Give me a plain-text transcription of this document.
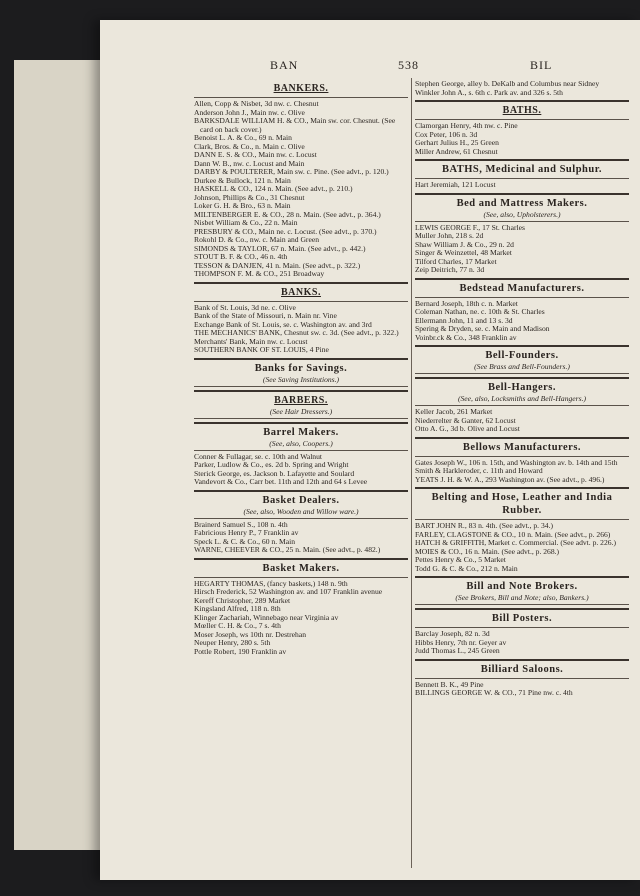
BAN	538	BIL
BANKERS.
Allen, Copp & Nisbet, 3d nw. c. Chesnut
Anderson John J., Main nw. c. Olive
BARKSDALE WILLIAM H. & CO., Main sw. cor. Chesnut. (See card on back cover.)
Benoist L. A. & Co., 69 n. Main
Clark, Bros. & Co., n. Main c. Olive
DANN E. S. & CO., Main nw. c. Locust
Dann W. B., nw. c. Locust and Main
DARBY & POULTERER, Main sw. c. Pine. (See advt., p. 120.)
Durkee & Bullock, 121 n. Main
HASKELL & CO., 124 n. Main. (See advt., p. 210.)
Johnson, Phillips & Co., 31 Chesnut
Loker G. H. & Bro., 63 n. Main
MILTENBERGER E. & CO., 28 n. Main. (See advt., p. 364.)
Nisbet William & Co., 22 n. Main
PRESBURY & CO., Main ne. c. Locust. (See advt., p. 370.)
Rokohl D. & Co., nw. c. Main and Green
SIMONDS & TAYLOR, 67 n. Main. (See advt., p. 442.)
STOUT B. F. & CO., 46 n. 4th
TESSON & DANJEN, 41 n. Main. (See advt., p. 322.)
THOMPSON F. M. & CO., 251 Broadway
BANKS.
Bank of St. Louis, 3d ne. c. Olive
Bank of the State of Missouri, n. Main nr. Vine
Exchange Bank of St. Louis, se. c. Washington av. and 3rd
THE MECHANICS' BANK, Chesnut sw. c. 3d. (See advt., p. 322.)
Merchants' Bank, Main nw. c. Locust
SOUTHERN BANK OF ST. LOUIS, 4 Pine
Banks for Savings.
(See Saving Institutions.)
BARBERS.
(See Hair Dressers.)
Barrel Makers.
(See, also, Coopers.)
Conner & Fullagar, se. c. 10th and Walnut
Parker, Ludlow & Co., es. 2d b. Spring and Wright
Sterick George, es. Jackson b. Lafayette and Soulard
Vandevort & Co., Carr bet. 11th and 12th and 64 s Levee
Basket Dealers.
(See, also, Wooden and Willow ware.)
Brainerd Samuel S., 108 n. 4th
Fabricious Henry P., 7 Franklin av
Speck L. & C. & Co., 60 n. Main
WARNE, CHEEVER & CO., 25 n. Main. (See advt., p. 482.)
Basket Makers.
HEGARTY THOMAS, (fancy baskets,) 148 n. 9th
Hirsch Frederick, 52 Washington av. and 107 Franklin avenue
Kereff Christopher, 289 Market
Kingsland Alfred, 118 n. 8th
Klinger Zachariah, Winnebago near Virginia av
Mœller C. H. & Co., 7 s. 4th
Moser Joseph, ws 10th nr. Destrehan
Neuper Henry, 280 s. 5th
Pottle Robert, 190 Franklin av
Stephen George, alley b. DeKalb and Columbus near Sidney
Winkler John A., s. 6th c. Park av. and 326 s. 5th
BATHS.
Clamorgan Henry, 4th nw. c. Pine
Cox Peter, 106 n. 3d
Gerhart Julius H., 25 Green
Miller Andrew, 61 Chesnut
BATHS, Medicinal and Sulphur.
Hart Jeremiah, 121 Locust
Bed and Mattress Makers.
(See, also, Upholsterers.)
LEWIS GEORGE F., 17 St. Charles
Muller John, 218 s. 2d
Shaw William J. & Co., 29 n. 2d
Singer & Weinzettel, 48 Market
Tilford Charles, 17 Market
Zeip Deitrich, 77 n. 3d
Bedstead Manufacturers.
Bernard Joseph, 18th c. n. Market
Coleman Nathan, ne. c. 10th & St. Charles
Ellermann John, 11 and 13 s. 3d
Spering & Dryden, se. c. Main and Madison
Voinbr.ck & Co., 348 Franklin av
Bell-Founders.
(See Brass and Bell-Founders.)
Bell-Hangers.
(See, also, Locksmiths and Bell-Hangers.)
Keller Jacob, 261 Market
Niederrelter & Ganter, 62 Locust
Otto A. G., 3d b. Olive and Locust
Bellows Manufacturers.
Gates Joseph W., 106 n. 15th, and Washington av. b. 14th and 15th
Smith & Harkleroder, c. 11th and Howard
YEATS J. H. & W. A., 293 Washington av. (See advt., p. 496.)
Belting and Hose, Leather and India Rubber.
BART JOHN R., 83 n. 4th. (See advt., p. 34.)
FARLEY, CLAGSTONE & CO., 10 n. Main. (See advt., p. 266)
HATCH & GRIFFITH, Market c. Commercial. (See advt. p. 226.)
MOIES & CO., 16 n. Main. (See advt., p. 268.)
Pettes Henry & Co., 5 Market
Todd G. & C. & Co., 212 n. Main
Bill and Note Brokers.
(See Brokers, Bill and Note; also, Bankers.)
Bill Posters.
Barclay Joseph, 82 n. 3d
Hibbs Henry, 7th nr. Geyer av
Judd Thomas L., 245 Green
Billiard Saloons.
Bennett B. K., 49 Pine
BILLINGS GEORGE W. & CO., 71 Pine nw. c. 4th
